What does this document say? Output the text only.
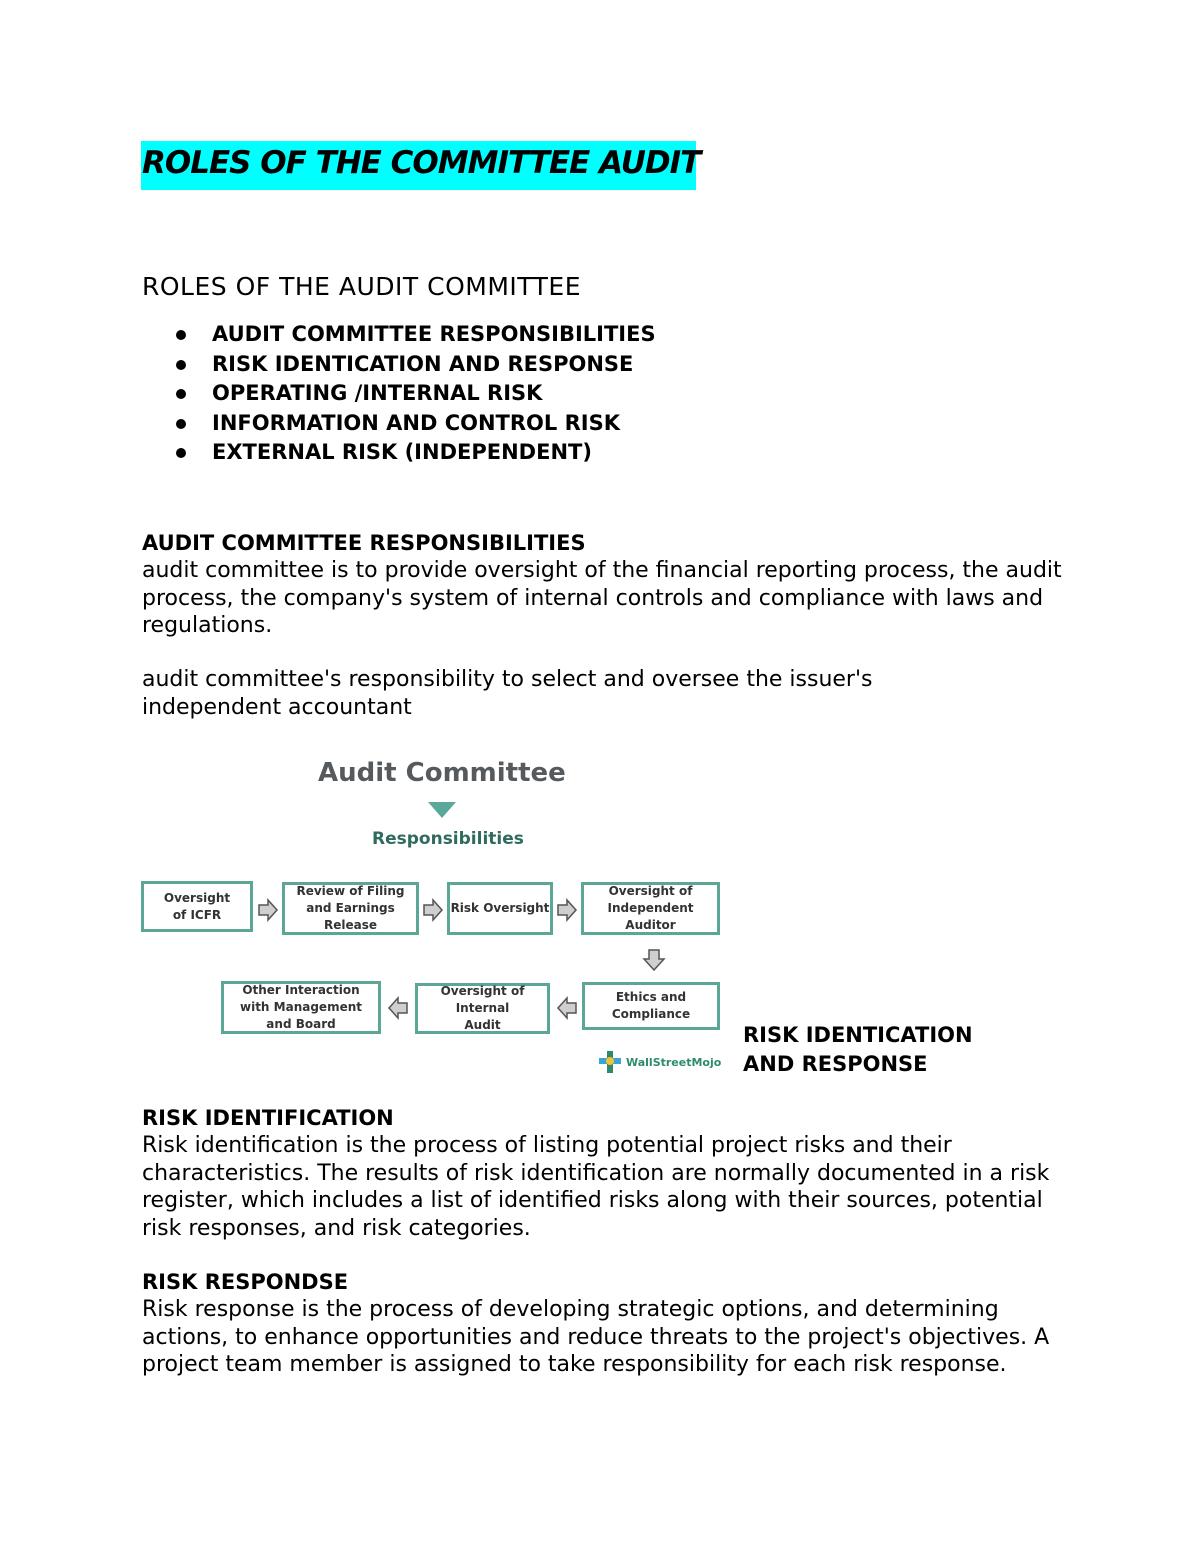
ROLES OF THE COMMITTEE AUDIT
ROLES OF THE AUDIT COMMITTEE
AUDIT COMMITTEE RESPONSIBILITIES
RISK IDENTICATION AND RESPONSE
OPERATING /INTERNAL RISK
INFORMATION AND CONTROL RISK
EXTERNAL RISK (INDEPENDENT)
AUDIT COMMITTEE RESPONSIBILITIES
audit committee is to provide oversight of the financial reporting process, the audit process, the company's system of internal controls and compliance with laws and regulations.
audit committee's responsibility to select and oversee the issuer's independent accountant
Audit Committee
Responsibilities
Oversight of ICFR
Review of Filing and Earnings Release
Risk Oversight
Oversight of Independent Auditor
Ethics and Compliance
Oversight of Internal Audit
Other Interaction with Management and Board
WallStreetMojo
RISK IDENTICATION
AND RESPONSE
RISK IDENTIFICATION
Risk identification is the process of listing potential project risks and their characteristics. The results of risk identification are normally documented in a risk register, which includes a list of identified risks along with their sources, potential risk responses, and risk categories.
RISK RESPONDSE
Risk response is the process of developing strategic options, and determining actions, to enhance opportunities and reduce threats to the project's objectives. A project team member is assigned to take responsibility for each risk response.
